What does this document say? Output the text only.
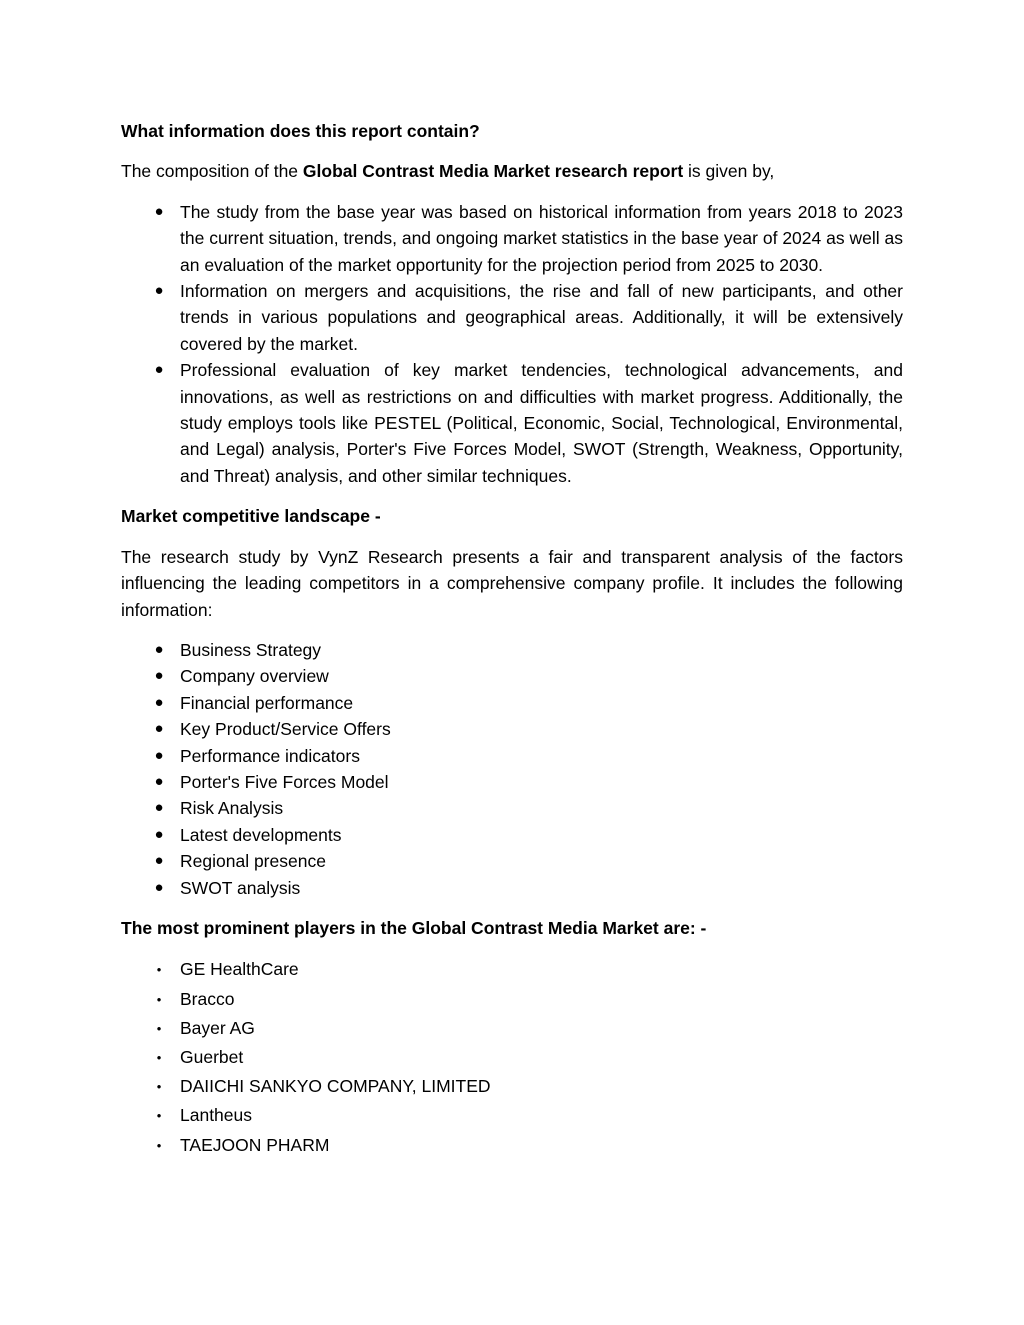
What information does this report contain?
The composition of the Global Contrast Media Market research report is given by,
● The study from the base year was based on historical information from years 2018 to 2023 the current situation, trends, and ongoing market statistics in the base year of 2024 as well as an evaluation of the market opportunity for the projection period from 2025 to 2030.
● Information on mergers and acquisitions, the rise and fall of new participants, and other trends in various populations and geographical areas. Additionally, it will be extensively covered by the market.
● Professional evaluation of key market tendencies, technological advancements, and innovations, as well as restrictions on and difficulties with market progress. Additionally, the study employs tools like PESTEL (Political, Economic, Social, Technological, Environmental, and Legal) analysis, Porter's Five Forces Model, SWOT (Strength, Weakness, Opportunity, and Threat) analysis, and other similar techniques.
Market competitive landscape -
The research study by VynZ Research presents a fair and transparent analysis of the factors influencing the leading competitors in a comprehensive company profile. It includes the following information:
● Business Strategy
● Company overview
● Financial performance
● Key Product/Service Offers
● Performance indicators
● Porter's Five Forces Model
● Risk Analysis
● Latest developments
● Regional presence
● SWOT analysis
The most prominent players in the Global Contrast Media Market are: -
• GE HealthCare
• Bracco
• Bayer AG
• Guerbet
• DAIICHI SANKYO COMPANY, LIMITED
• Lantheus
• TAEJOON PHARM
